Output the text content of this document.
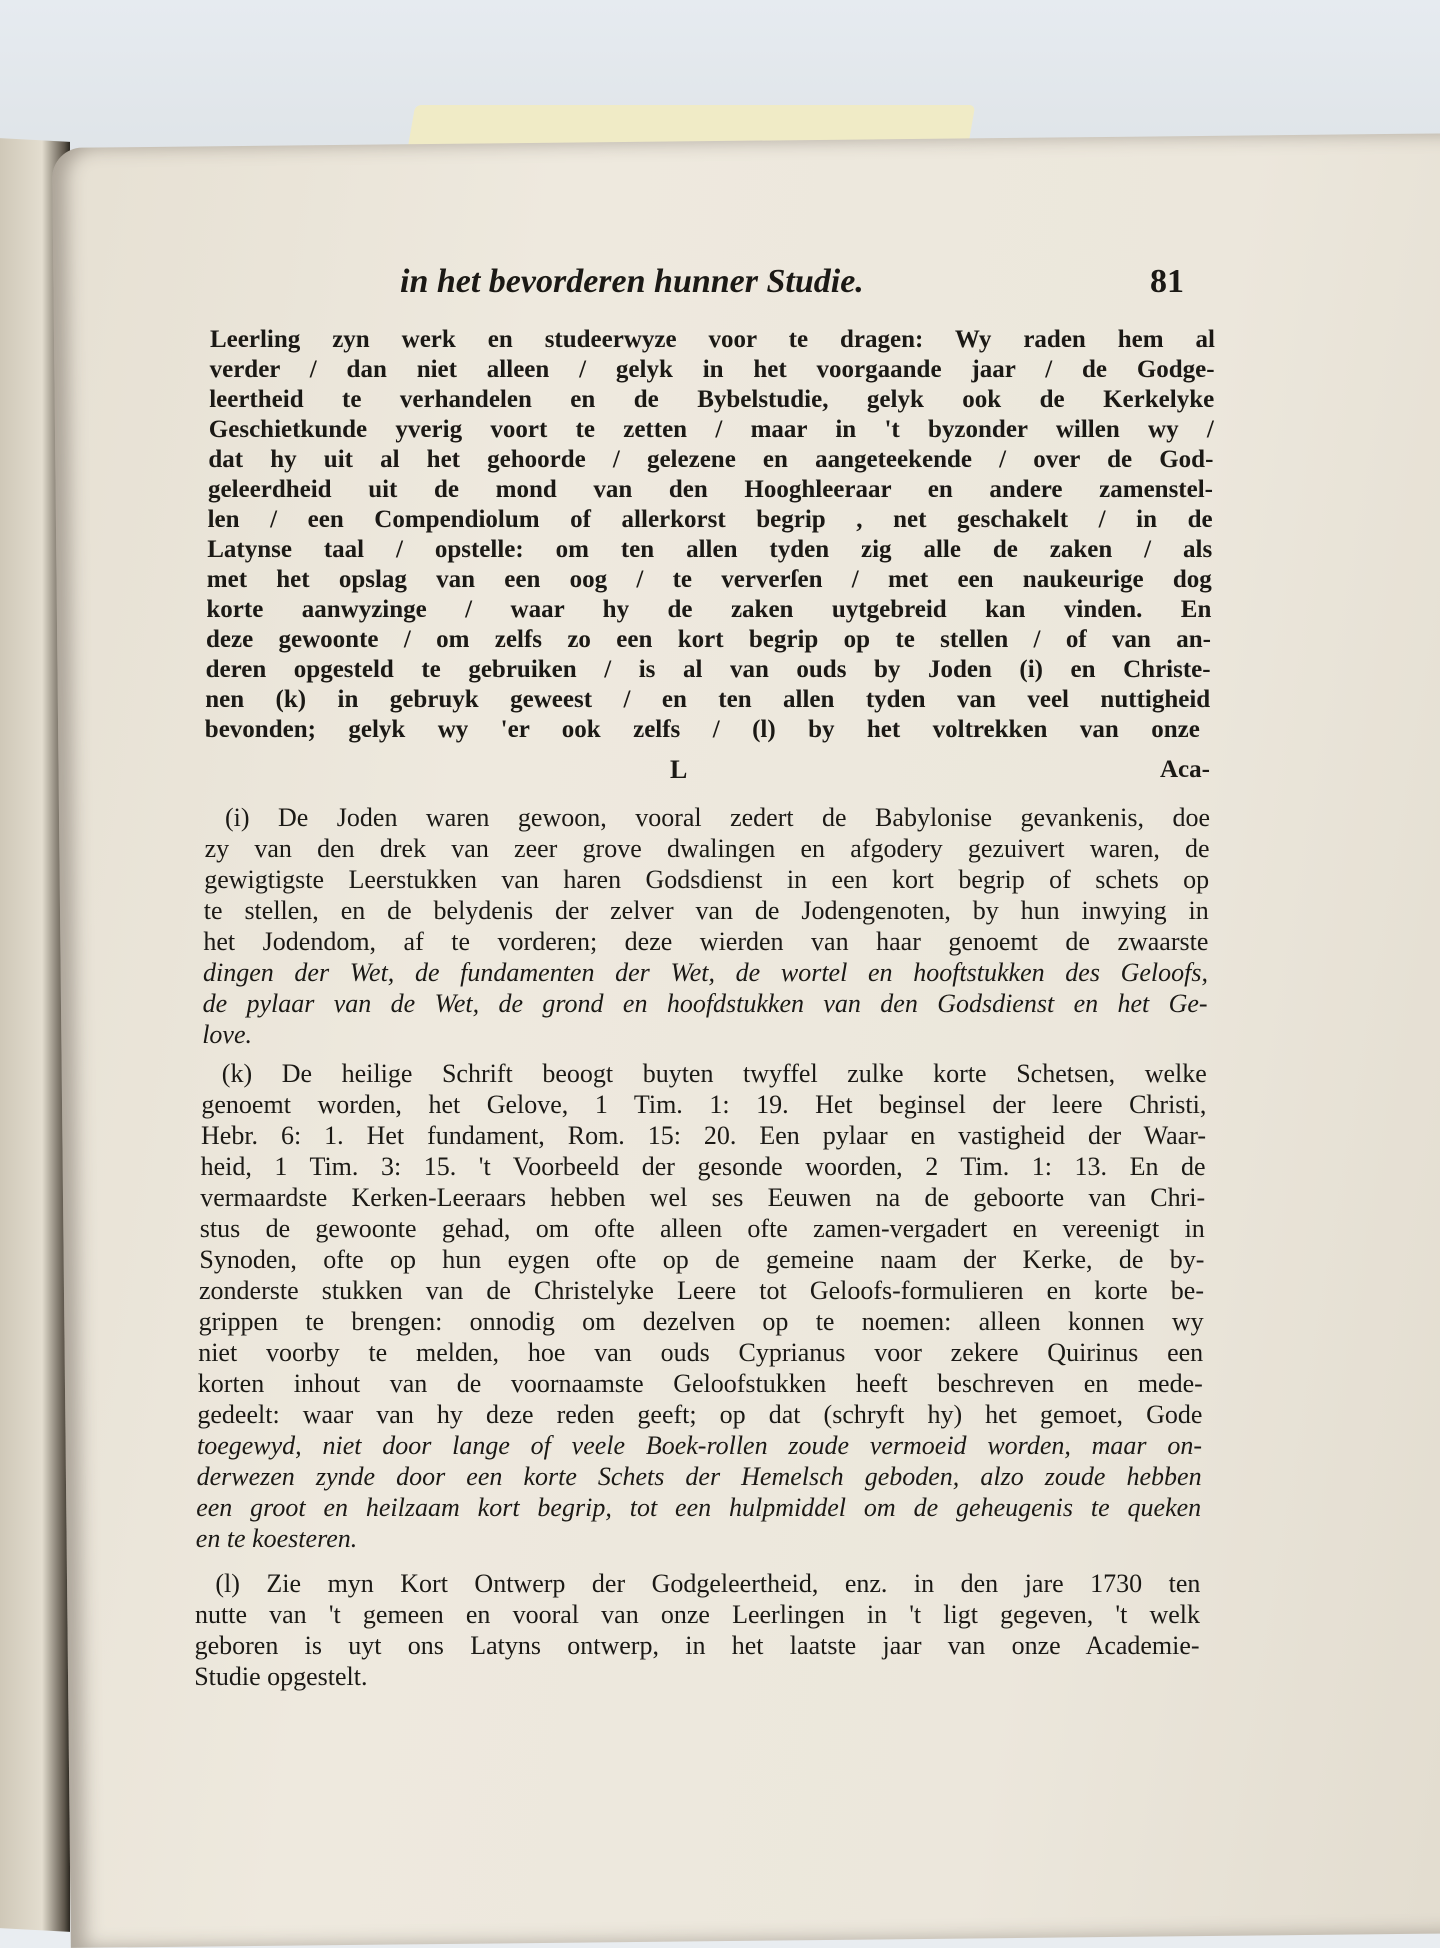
in het bevorderen hunner Studie.	81
Leerling zyn werk en studeerwyze voor te dragen: Wy raden hem al
verder / dan niet alleen / gelyk in het voorgaande jaar / de Godge-
leertheid te verhandelen en de Bybelstudie, gelyk ook de Kerkelyke
Geschietkunde yverig voort te zetten / maar in 't byzonder willen wy /
dat hy uit al het gehoorde / gelezene en aangeteekende / over de God-
geleerdheid uit de mond van den Hooghleeraar en andere zamenstel-
len / een Compendiolum of allerkorst begrip , net geschakelt / in de
Latynse taal / opstelle: om ten allen tyden zig alle de zaken / als
met het opslag van een oog / te ververſen / met een naukeurige dog
korte aanwyzinge / waar hy de zaken uytgebreid kan vinden. En
deze gewoonte / om zelfs zo een kort begrip op te stellen / of van an-
deren opgesteld te gebruiken / is al van ouds by Joden (i) en Christe-
nen (k) in gebruyk geweest / en ten allen tyden van veel nuttigheid
bevonden; gelyk wy 'er ook zelfs / (l) by het voltrekken van onze
L	Aca-
(i) De Joden waren gewoon, vooral zedert de Babylonise gevankenis, doe
zy van den drek van zeer grove dwalingen en afgodery gezuivert waren, de
gewigtigste Leerstukken van haren Godsdienst in een kort begrip of schets op
te stellen, en de belydenis der zelver van de Jodengenoten, by hun inwying in
het Jodendom, af te vorderen; deze wierden van haar genoemt de zwaarste
dingen der Wet, de fundamenten der Wet, de wortel en hooftstukken des Geloofs,
de pylaar van de Wet, de grond en hoofdstukken van den Godsdienst en het Ge-
love.
(k) De heilige Schrift beoogt buyten twyffel zulke korte Schetsen, welke
genoemt worden, het Gelove, 1 Tim. 1: 19. Het beginsel der leere Christi,
Hebr. 6: 1. Het fundament, Rom. 15: 20. Een pylaar en vastigheid der Waar-
heid, 1 Tim. 3: 15. 't Voorbeeld der gesonde woorden, 2 Tim. 1: 13. En de
vermaardste Kerken-Leeraars hebben wel ses Eeuwen na de geboorte van Chri-
stus de gewoonte gehad, om ofte alleen ofte zamen-vergadert en vereenigt in
Synoden, ofte op hun eygen ofte op de gemeine naam der Kerke, de by-
zonderste stukken van de Christelyke Leere tot Geloofs-formulieren en korte be-
grippen te brengen: onnodig om dezelven op te noemen: alleen konnen wy
niet voorby te melden, hoe van ouds Cyprianus voor zekere Quirinus een
korten inhout van de voornaamste Geloofstukken heeft beschreven en mede-
gedeelt: waar van hy deze reden geeft; op dat (schryft hy) het gemoet, Gode
toegewyd, niet door lange of veele Boek-rollen zoude vermoeid worden, maar on-
derwezen zynde door een korte Schets der Hemelsch geboden, alzo zoude hebben
een groot en heilzaam kort begrip, tot een hulpmiddel om de geheugenis te queken
en te koesteren.
(l) Zie myn Kort Ontwerp der Godgeleertheid, enz. in den jare 1730 ten
nutte van 't gemeen en vooral van onze Leerlingen in 't ligt gegeven, 't welk
geboren is uyt ons Latyns ontwerp, in het laatste jaar van onze Academie-
Studie opgestelt.
